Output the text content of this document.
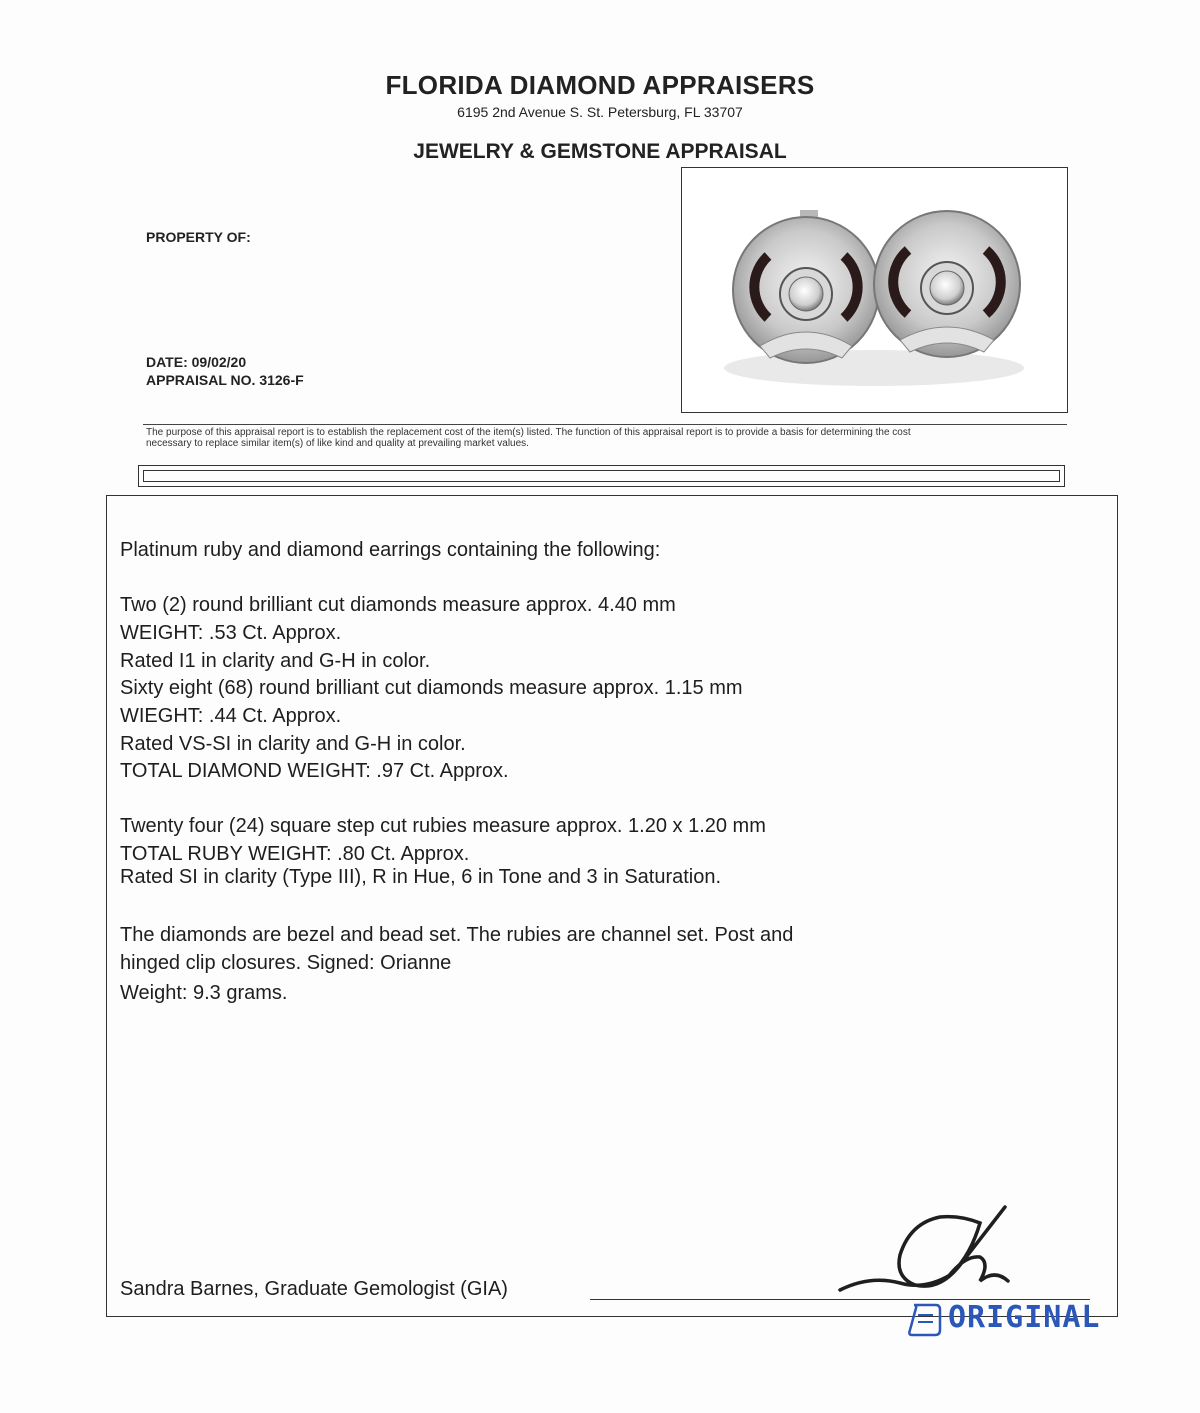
FLORIDA DIAMOND APPRAISERS
6195 2nd Avenue S. St. Petersburg, FL 33707
JEWELRY & GEMSTONE APPRAISAL
PROPERTY OF:
DATE: 09/02/20
APPRAISAL NO. 3126-F
The purpose of this appraisal report is to establish the replacement cost of the item(s) listed. The function of this appraisal report is to provide a basis for determining the cost
necessary to replace similar item(s) of like kind and quality at prevailing market values.
Platinum ruby and diamond earrings containing the following:
Two (2) round brilliant cut diamonds measure approx. 4.40 mm
WEIGHT: .53 Ct. Approx.
Rated I1 in clarity and G-H in color.
Sixty eight (68) round brilliant cut diamonds measure approx. 1.15 mm
WIEGHT: .44 Ct. Approx.
Rated VS-SI in clarity and G-H in color.
TOTAL DIAMOND WEIGHT: .97 Ct. Approx.
Twenty four (24) square step cut rubies measure approx. 1.20 x 1.20 mm
TOTAL RUBY WEIGHT: .80 Ct. Approx.
Rated SI in clarity (Type III), R in Hue, 6 in Tone and 3 in Saturation.
The diamonds are bezel and bead set. The rubies are channel set. Post and
hinged clip closures. Signed: Orianne
Weight: 9.3 grams.
Sandra Barnes, Graduate Gemologist (GIA)
ORIGINAL
